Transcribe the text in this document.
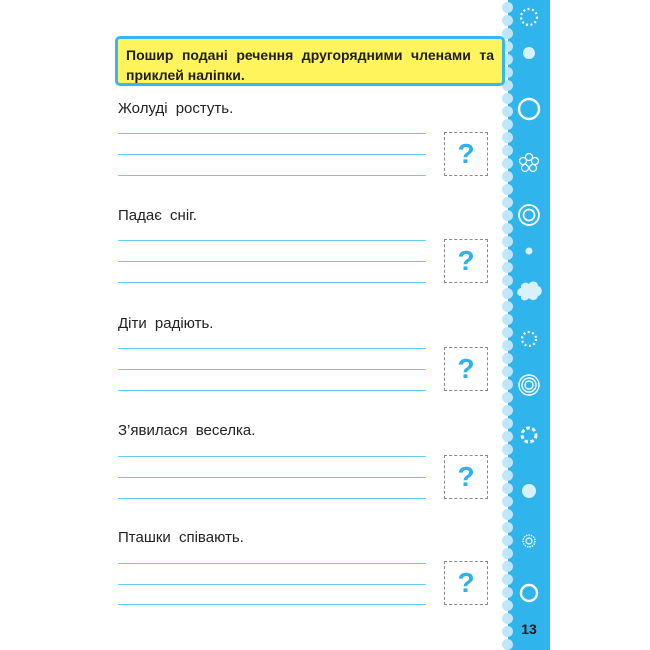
13
Пошир подані речення другорядними членами та приклей наліпки.
Жолуді ростуть.
?
Падає сніг.
?
Діти радіють.
?
З’явилася веселка.
?
Пташки співають.
?
